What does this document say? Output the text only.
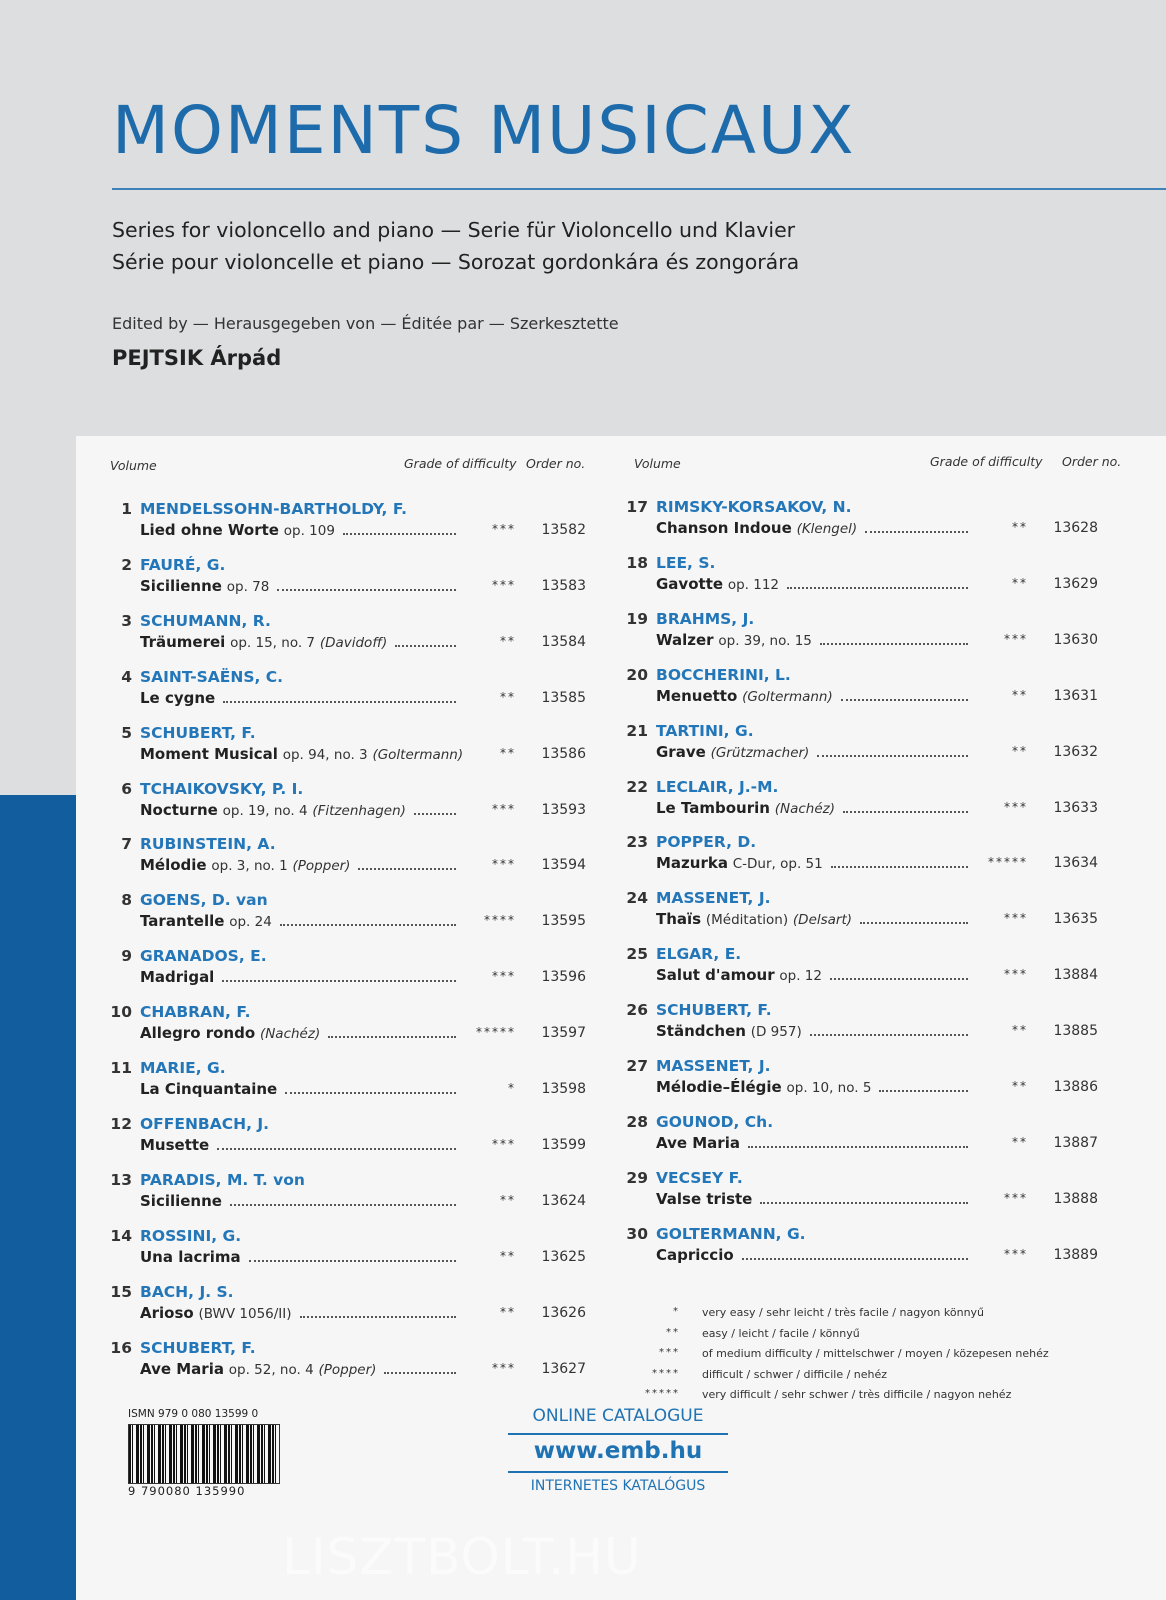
MOMENTS MUSICAUX
Series for violoncello and piano — Serie für Violoncello und Klavier
Série pour violoncelle et piano — Sorozat gordonkára és zongorára
Edited by — Herausgegeben von — Éditée par — Szerkesztette
PEJTSIK Árpád
Volume	Grade of difficulty Order no.	Volume	Grade of difficulty Order no.
1 MENDELSSOHN-BARTHOLDY, F.
Lied ohne Worte
op. 109	*** 13582
2 FAURÉ, G.
Sicilienne
op. 78	*** 13583
3 SCHUMANN, R.
Träumerei
op. 15, no. 7
(Davidoff)	** 13584
4 SAINT-SAËNS, C.
Le cygne	** 13585
5 SCHUBERT, F.
Moment Musical
op. 94, no. 3
(Goltermann)	** 13586
6 TCHAIKOVSKY, P. I.
Nocturne
op. 19, no. 4
(Fitzenhagen)	*** 13593
7 RUBINSTEIN, A.
Mélodie
op. 3, no. 1
(Popper)	*** 13594
8 GOENS, D. van
Tarantelle
op. 24	**** 13595
9 GRANADOS, E.
Madrigal	*** 13596
10 CHABRAN, F.
Allegro rondo
(Nachéz)	***** 13597
11 MARIE, G.
La Cinquantaine	* 13598
12 OFFENBACH, J.
Musette	*** 13599
13 PARADIS, M. T. von
Sicilienne	** 13624
14 ROSSINI, G.
Una lacrima	** 13625
15 BACH, J. S.
Arioso
(BWV 1056/II)	** 13626
16 SCHUBERT, F.
Ave Maria
op. 52, no. 4
(Popper)	*** 13627
17 RIMSKY-KORSAKOV, N.
Chanson Indoue
(Klengel)	** 13628
18 LEE, S.
Gavotte
op. 112	** 13629
19 BRAHMS, J.
Walzer
op. 39, no. 15	*** 13630
20 BOCCHERINI, L.
Menuetto
(Goltermann)	** 13631
21 TARTINI, G.
Grave
(Grützmacher)	** 13632
22 LECLAIR, J.-M.
Le Tambourin
(Nachéz)	*** 13633
23 POPPER, D.
Mazurka
C-Dur, op. 51	***** 13634
24 MASSENET, J.
Thaïs
(Méditation)
(Delsart)	*** 13635
25 ELGAR, E.
Salut d'amour
op. 12	*** 13884
26 SCHUBERT, F.
Ständchen
(D 957)	** 13885
27 MASSENET, J.
Mélodie–Élégie
op. 10, no. 5	** 13886
28 GOUNOD, Ch.
Ave Maria	** 13887
29 VECSEY F.
Valse triste	*** 13888
30 GOLTERMANN, G.
Capriccio	*** 13889
* very easy / sehr leicht / très facile / nagyon könnyű
** easy / leicht / facile / könnyű
*** of medium difficulty / mittelschwer / moyen / közepesen nehéz
**** difficult / schwer / difficile / nehéz
***** very difficult / sehr schwer / très difficile / nagyon nehéz
ISMN 979 0 080 13599 0
9 790080 135990
ONLINE CATALOGUE
www.emb.hu
INTERNETES KATALÓGUS
LISZTBOLT.HU
